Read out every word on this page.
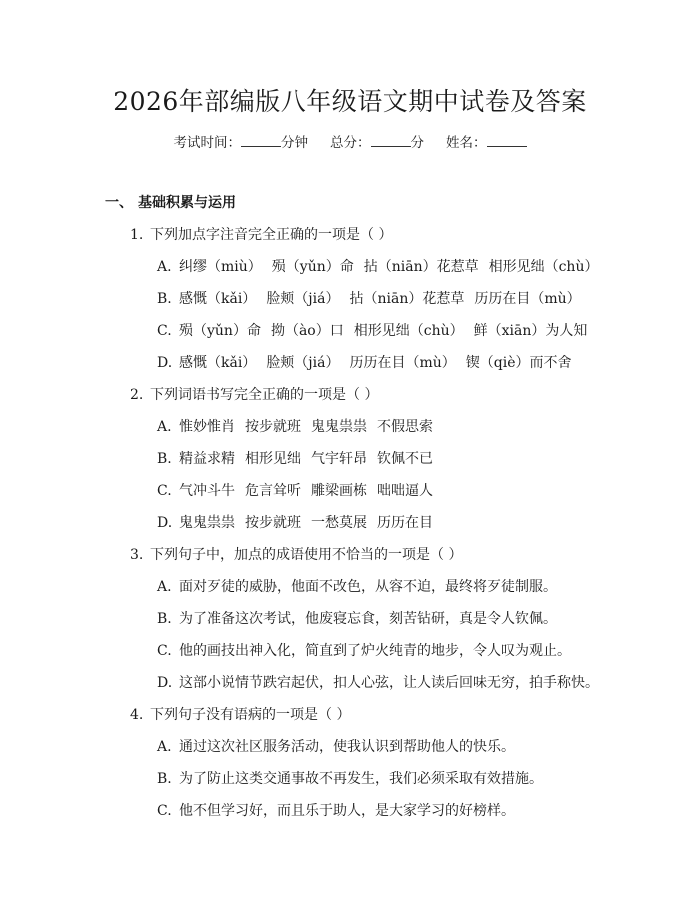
2026年部编版八年级语文期中试卷及答案
考试时间：	分钟 总分：	分 姓名：
一、 基础积累与运用
1. 下列加点字注音完全正确的一项是（ ）
A. 纠缪（miù） 殒（yǔn）命 拈（niān）花惹草 相形见绌（chù）
B. 感慨（kǎi） 脸颊（jiá） 拈（niān）花惹草 历历在目（mù）
C. 殒（yǔn）命 拗（ào）口 相形见绌（chù） 鲜（xiān）为人知
D. 感慨（kǎi） 脸颊（jiá） 历历在目（mù） 锲（qiè）而不舍
2. 下列词语书写完全正确的一项是（ ）
A. 惟妙惟肖 按步就班 鬼鬼祟祟 不假思索
B. 精益求精 相形见绌 气宇轩昂 钦佩不已
C. 气冲斗牛 危言耸听 雕梁画栋 咄咄逼人
D. 鬼鬼祟祟 按步就班 一愁莫展 历历在目
3. 下列句子中，加点的成语使用不恰当的一项是（ ）
A. 面对歹徒的威胁，他面不改色，从容不迫，最终将歹徒制服。
B. 为了准备这次考试，他废寝忘食，刻苦钻研，真是令人钦佩。
C. 他的画技出神入化，简直到了炉火纯青的地步，令人叹为观止。
D. 这部小说情节跌宕起伏，扣人心弦，让人读后回味无穷，拍手称快。
4. 下列句子没有语病的一项是（ ）
A. 通过这次社区服务活动，使我认识到帮助他人的快乐。
B. 为了防止这类交通事故不再发生，我们必须采取有效措施。
C. 他不但学习好，而且乐于助人，是大家学习的好榜样。
